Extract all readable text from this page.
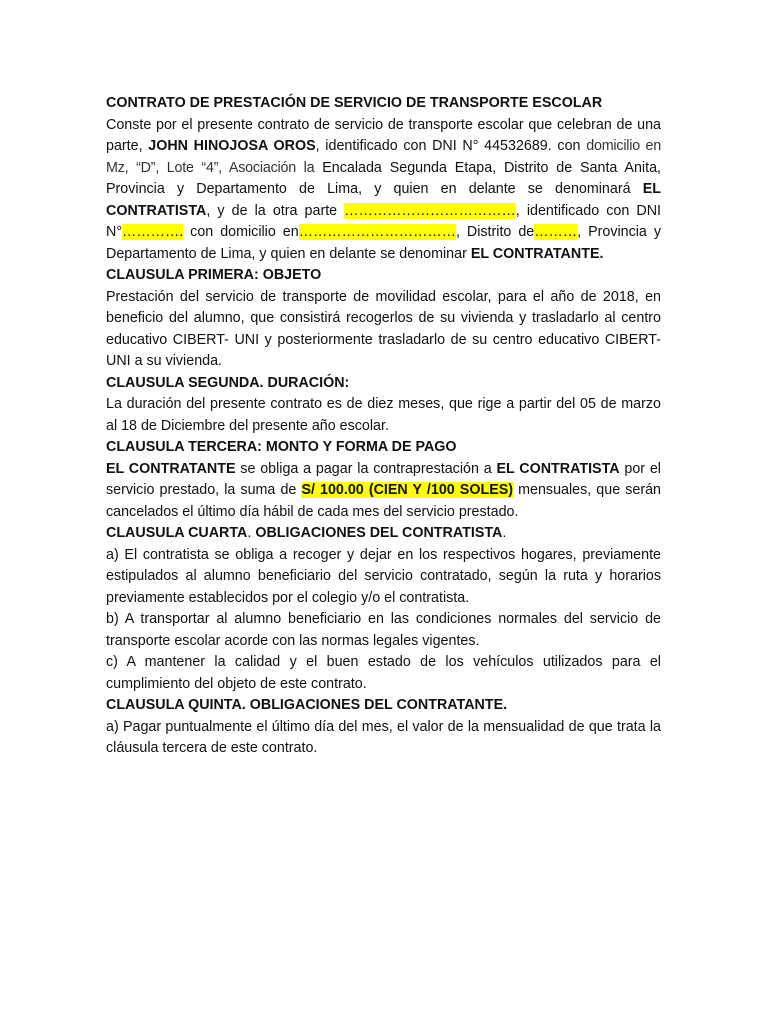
CONTRATO DE PRESTACIÓN DE SERVICIO DE TRANSPORTE ESCOLAR

Conste por el presente contrato de servicio de transporte escolar que celebran de una parte, JOHN HINOJOSA OROS, identificado con DNI N° 44532689. con domicilio en Mz, “D”, Lote “4”, Asociación la Encalada Segunda Etapa, Distrito de Santa Anita, Provincia y Departamento de Lima, y quien en delante se denominará EL CONTRATISTA, y de la otra parte ………………………………, identificado con DNI N°…………. con domicilio en……………………………, Distrito de………, Provincia y Departamento de Lima, y quien en delante se denominar EL CONTRATANTE.

CLAUSULA PRIMERA: OBJETO

Prestación del servicio de transporte de movilidad escolar, para el año de 2018, en beneficio del alumno, que consistirá recogerlos de su vivienda y trasladarlo al centro educativo CIBERT- UNI y posteriormente trasladarlo de su centro educativo CIBERT- UNI a su vivienda.

CLAUSULA SEGUNDA. DURACIÓN:

La duración del presente contrato es de diez meses, que rige a partir del 05 de marzo al 18 de Diciembre del presente año escolar.

CLAUSULA TERCERA: MONTO Y FORMA DE PAGO

EL CONTRATANTE se obliga a pagar la contraprestación a EL CONTRATISTA por el servicio prestado, la suma de S/ 100.00 (CIEN Y /100 SOLES) mensuales, que serán cancelados el último día hábil de cada mes del servicio prestado.

CLAUSULA CUARTA. OBLIGACIONES DEL CONTRATISTA.

a) El contratista se obliga a recoger y dejar en los respectivos hogares, previamente estipulados al alumno beneficiario del servicio contratado, según la ruta y horarios previamente establecidos por el colegio y/o el contratista.

b) A transportar al alumno beneficiario en las condiciones normales del servicio de transporte escolar acorde con las normas legales vigentes.

c) A mantener la calidad y el buen estado de los vehículos utilizados para el cumplimiento del objeto de este contrato.

CLAUSULA QUINTA. OBLIGACIONES DEL CONTRATANTE.

a) Pagar puntualmente el último día del mes, el valor de la mensualidad de que trata la cláusula tercera de este contrato.
